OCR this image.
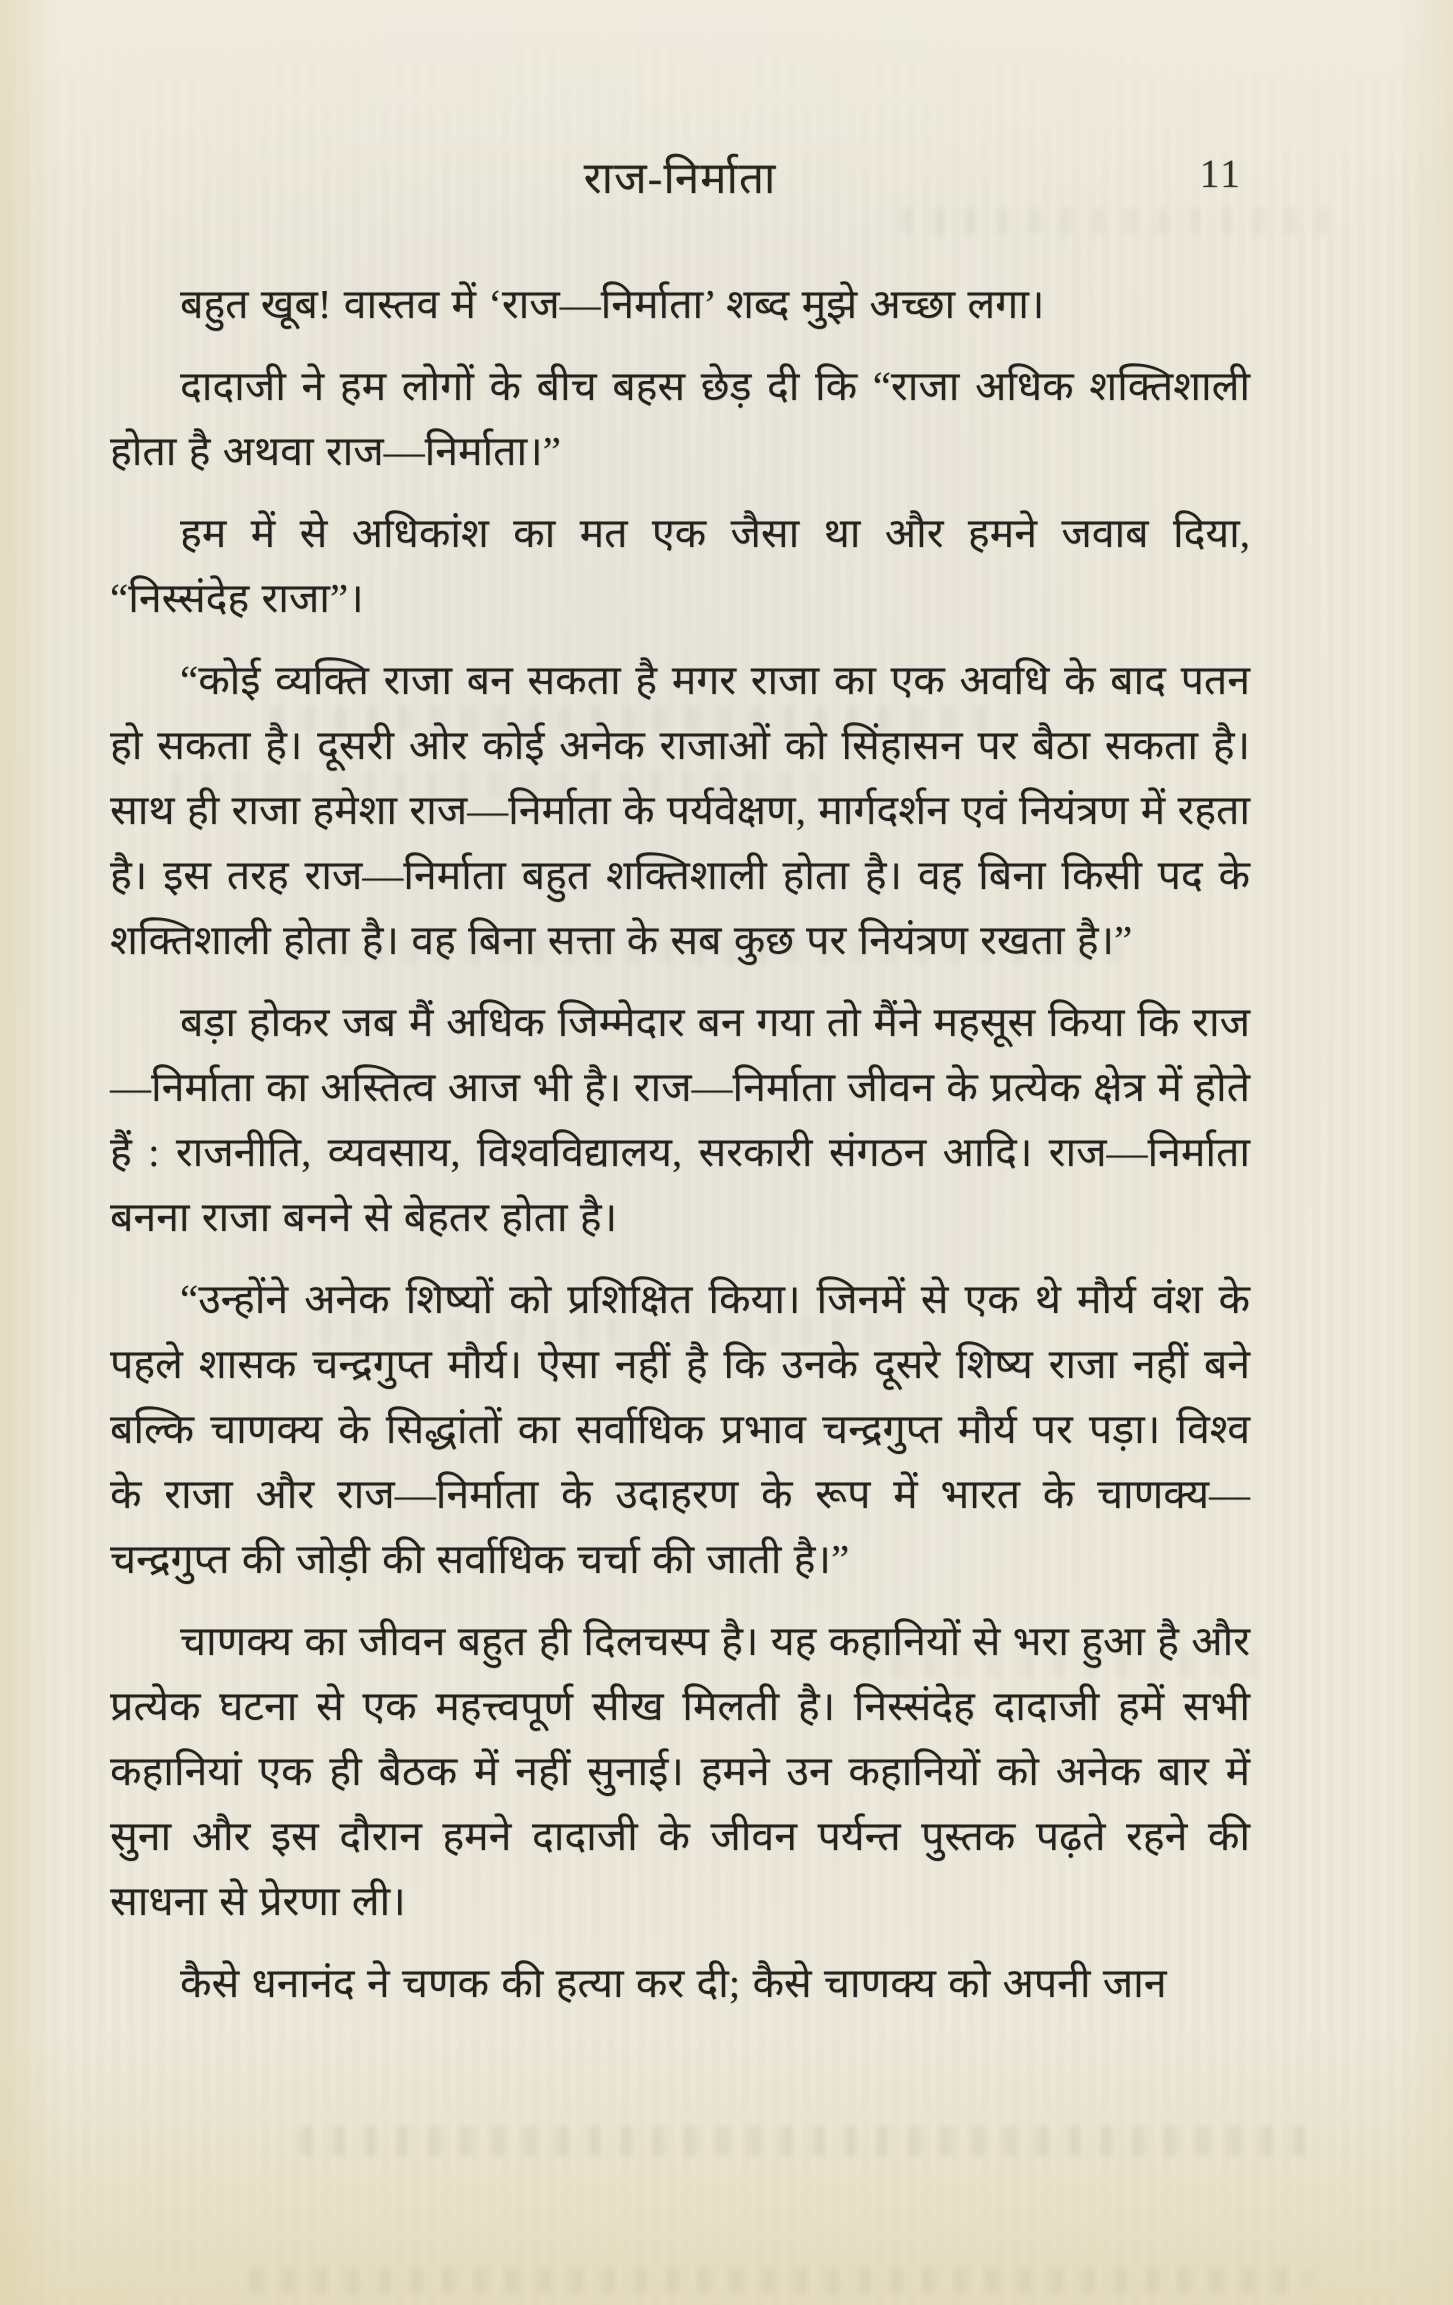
राज-निर्माता	11

बहुत खूब! वास्तव में ‘राज—निर्माता’ शब्द मुझे अच्छा लगा।

दादाजी ने हम लोगों के बीच बहस छेड़ दी कि “राजा अधिक शक्तिशाली होता है अथवा राज—निर्माता।”

हम में से अधिकांश का मत एक जैसा था और हमने जवाब दिया, “निस्संदेह राजा”।

“कोई व्यक्ति राजा बन सकता है मगर राजा का एक अवधि के बाद पतन हो सकता है। दूसरी ओर कोई अनेक राजाओं को सिंहासन पर बैठा सकता है। साथ ही राजा हमेशा राज—निर्माता के पर्यवेक्षण, मार्गदर्शन एवं नियंत्रण में रहता है। इस तरह राज—निर्माता बहुत शक्तिशाली होता है। वह बिना किसी पद के शक्तिशाली होता है। वह बिना सत्ता के सब कुछ पर नियंत्रण रखता है।”

बड़ा होकर जब मैं अधिक जिम्मेदार बन गया तो मैंने महसूस किया कि राज—निर्माता का अस्तित्व आज भी है। राज—निर्माता जीवन के प्रत्येक क्षेत्र में होते हैं : राजनीति, व्यवसाय, विश्वविद्यालय, सरकारी संगठन आदि। राज—निर्माता बनना राजा बनने से बेहतर होता है।

“उन्होंने अनेक शिष्यों को प्रशिक्षित किया। जिनमें से एक थे मौर्य वंश के पहले शासक चन्द्रगुप्त मौर्य। ऐसा नहीं है कि उनके दूसरे शिष्य राजा नहीं बने बल्कि चाणक्य के सिद्धांतों का सर्वाधिक प्रभाव चन्द्रगुप्त मौर्य पर पड़ा। विश्व के राजा और राज—निर्माता के उदाहरण के रूप में भारत के चाणक्य—चन्द्रगुप्त की जोड़ी की सर्वाधिक चर्चा की जाती है।”

चाणक्य का जीवन बहुत ही दिलचस्प है। यह कहानियों से भरा हुआ है और प्रत्येक घटना से एक महत्त्वपूर्ण सीख मिलती है। निस्संदेह दादाजी हमें सभी कहानियां एक ही बैठक में नहीं सुनाई। हमने उन कहानियों को अनेक बार में सुना और इस दौरान हमने दादाजी के जीवन पर्यन्त पुस्तक पढ़ते रहने की साधना से प्रेरणा ली।

कैसे धनानंद ने चणक की हत्या कर दी; कैसे चाणक्य को अपनी जान
